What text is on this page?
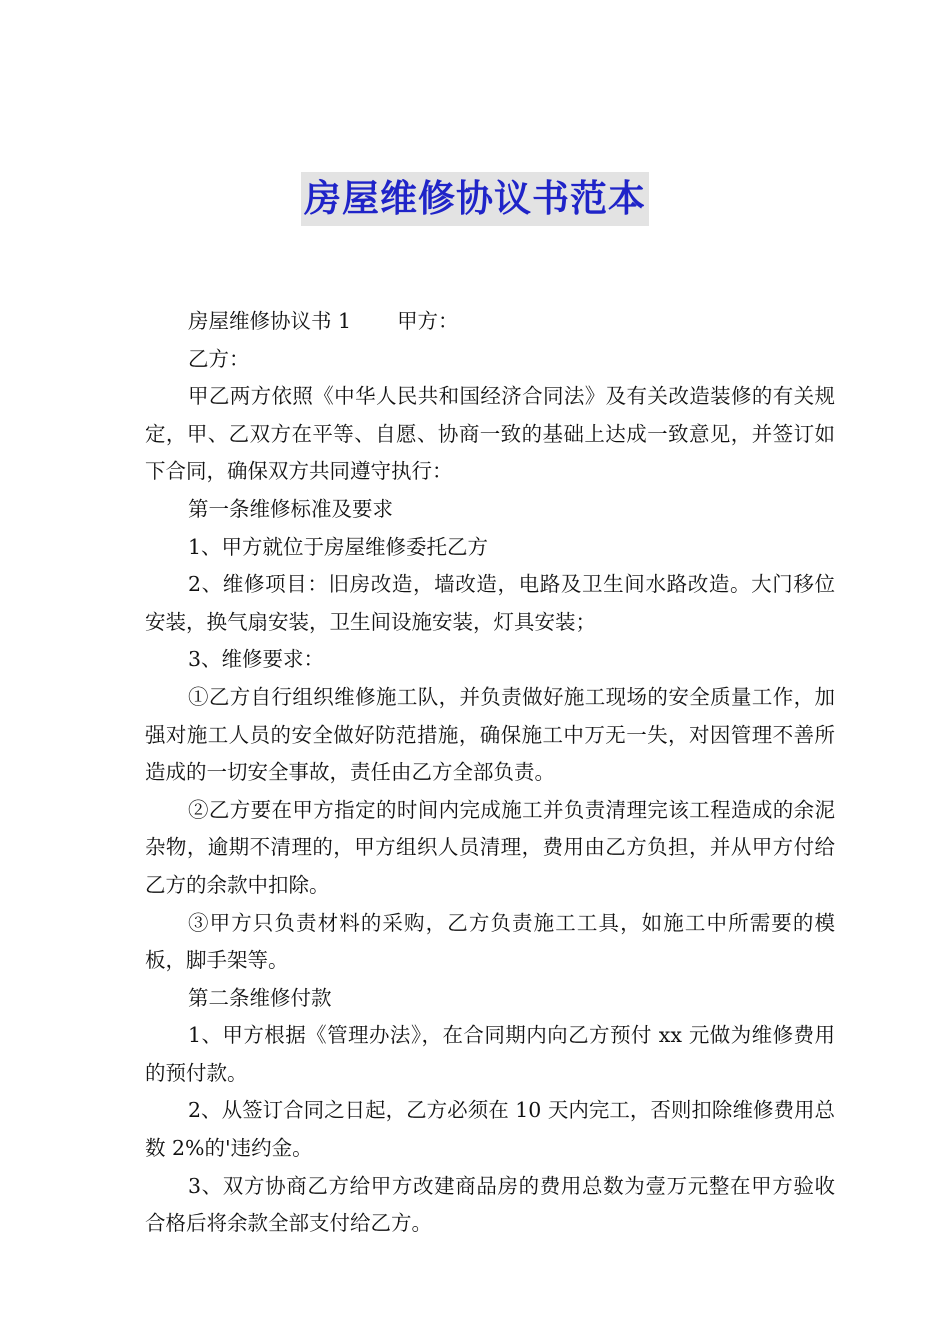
房屋维修协议书范本

房屋维修协议书 1 甲方：

乙方：

甲乙两方依照《中华人民共和国经济合同法》及有关改造装修的有关规定，甲、乙双方在平等、自愿、协商一致的基础上达成一致意见，并签订如下合同，确保双方共同遵守执行：

第一条维修标准及要求

1、甲方就位于房屋维修委托乙方

2、维修项目：旧房改造，墙改造，电路及卫生间水路改造。大门移位安装，换气扇安装，卫生间设施安装，灯具安装；

3、维修要求：

①乙方自行组织维修施工队，并负责做好施工现场的安全质量工作，加强对施工人员的安全做好防范措施，确保施工中万无一失，对因管理不善所造成的一切安全事故，责任由乙方全部负责。

②乙方要在甲方指定的时间内完成施工并负责清理完该工程造成的余泥杂物，逾期不清理的，甲方组织人员清理，费用由乙方负担，并从甲方付给乙方的余款中扣除。

③甲方只负责材料的采购，乙方负责施工工具，如施工中所需要的模板，脚手架等。

第二条维修付款

1、甲方根据《管理办法》，在合同期内向乙方预付 xx 元做为维修费用的预付款。

2、从签订合同之日起，乙方必须在 10 天内完工，否则扣除维修费用总数 2%的'违约金。

3、双方协商乙方给甲方改建商品房的费用总数为壹万元整在甲方验收合格后将余款全部支付给乙方。
